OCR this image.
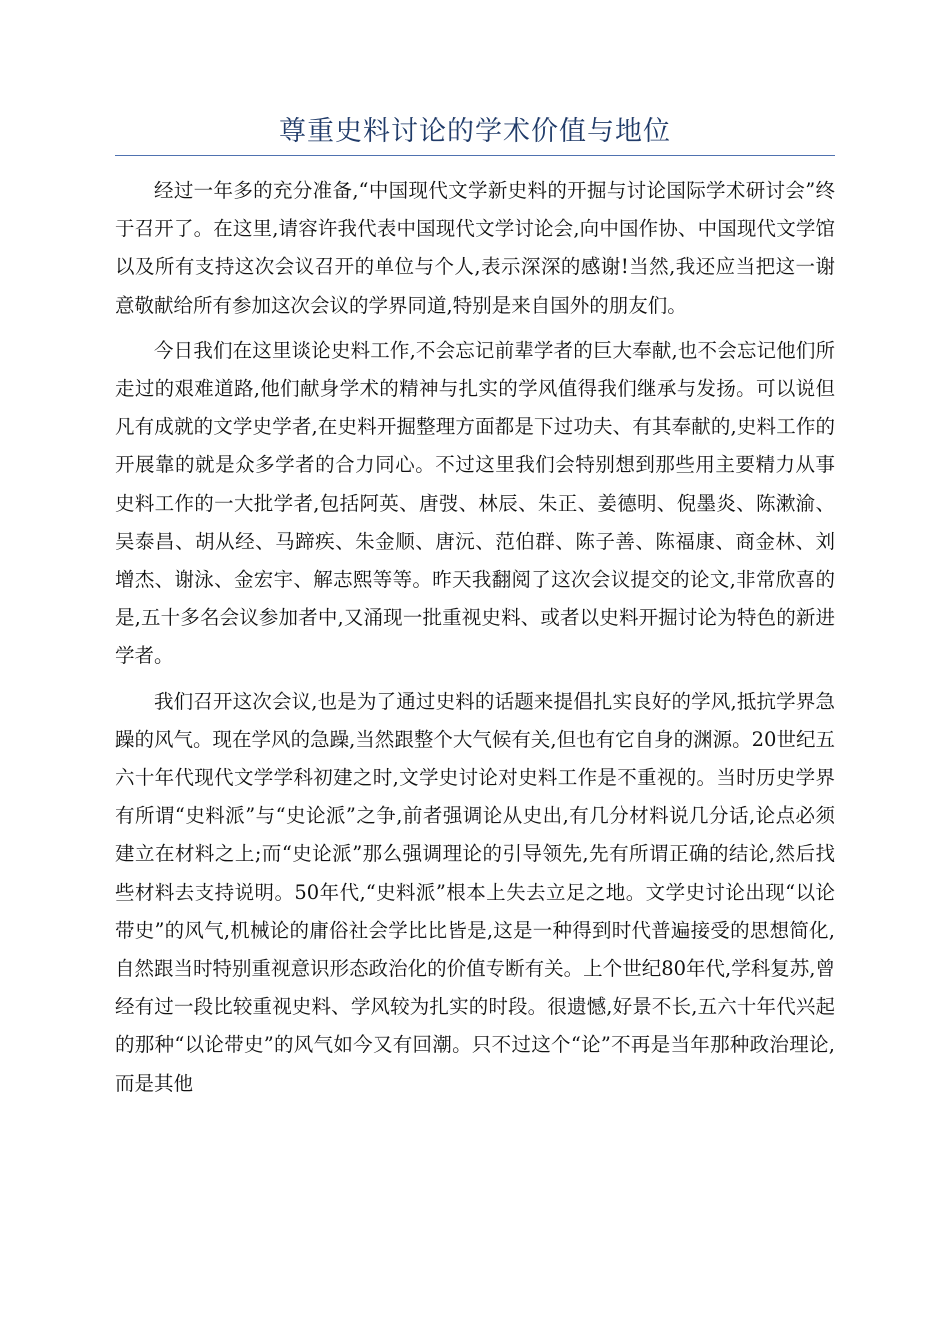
尊重史料讨论的学术价值与地位

经过一年多的充分准备,“中国现代文学新史料的开掘与讨论国际学术研讨会”终于召开了。在这里,请容许我代表中国现代文学讨论会,向中国作协、中国现代文学馆以及所有支持这次会议召开的单位与个人,表示深深的感谢!当然,我还应当把这一谢意敬献给所有参加这次会议的学界同道,特别是来自国外的朋友们。

今日我们在这里谈论史料工作,不会忘记前辈学者的巨大奉献,也不会忘记他们所走过的艰难道路,他们献身学术的精神与扎实的学风值得我们继承与发扬。可以说但凡有成就的文学史学者,在史料开掘整理方面都是下过功夫、有其奉献的,史料工作的开展靠的就是众多学者的合力同心。不过这里我们会特别想到那些用主要精力从事史料工作的一大批学者,包括阿英、唐弢、林辰、朱正、姜德明、倪墨炎、陈漱渝、吴泰昌、胡从经、马蹄疾、朱金顺、唐沅、范伯群、陈子善、陈福康、商金林、刘增杰、谢泳、金宏宇、解志熙等等。昨天我翻阅了这次会议提交的论文,非常欣喜的是,五十多名会议参加者中,又涌现一批重视史料、或者以史料开掘讨论为特色的新进学者。

我们召开这次会议,也是为了通过史料的话题来提倡扎实良好的学风,抵抗学界急躁的风气。现在学风的急躁,当然跟整个大气候有关,但也有它自身的渊源。20世纪五六十年代现代文学学科初建之时,文学史讨论对史料工作是不重视的。当时历史学界有所谓“史料派”与“史论派”之争,前者强调论从史出,有几分材料说几分话,论点必须建立在材料之上;而“史论派”那么强调理论的引导领先,先有所谓正确的结论,然后找些材料去支持说明。50年代,“史料派”根本上失去立足之地。文学史讨论出现“以论带史”的风气,机械论的庸俗社会学比比皆是,这是一种得到时代普遍接受的思想简化,自然跟当时特别重视意识形态政治化的价值专断有关。上个世纪80年代,学科复苏,曾经有过一段比较重视史料、学风较为扎实的时段。很遗憾,好景不长,五六十年代兴起的那种“以论带史”的风气如今又有回潮。只不过这个“论”不再是当年那种政治理论,而是其他
